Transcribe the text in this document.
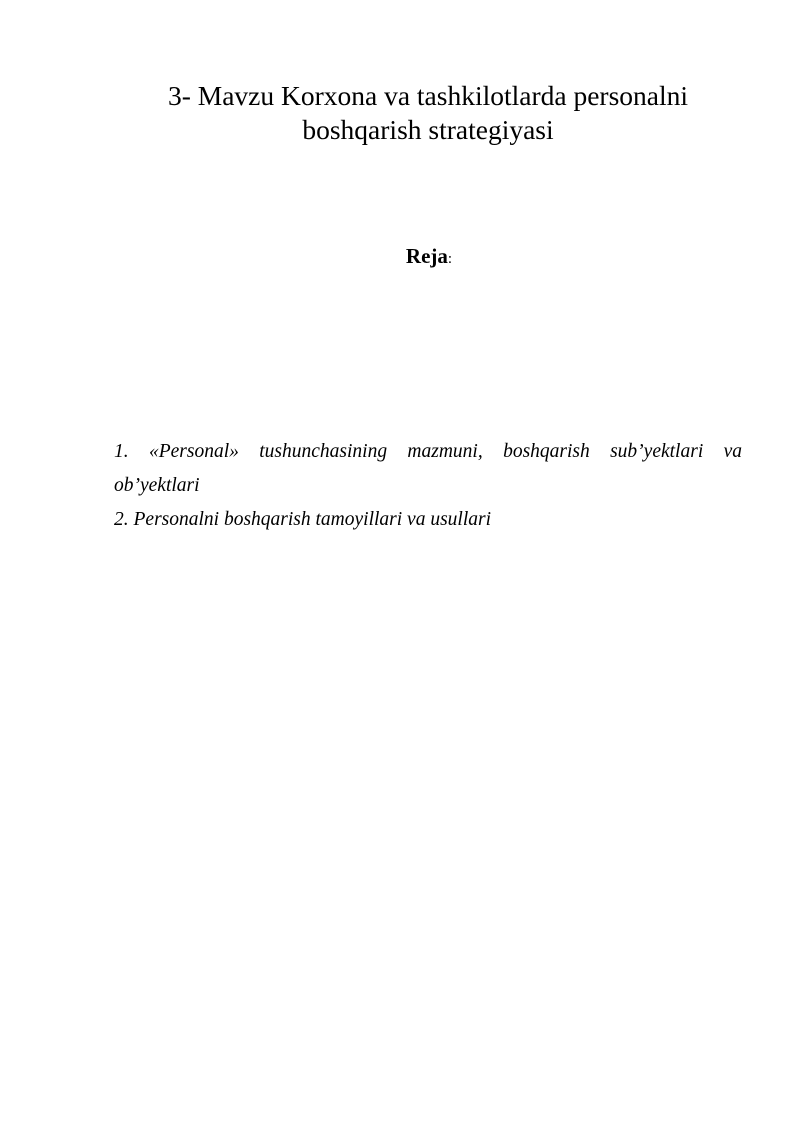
3- Mavzu Korxona va tashkilotlarda personalni
boshqarish strategiyasi
Reja:
1. «Personal» tushunchasining mazmuni, boshqarish sub’yektlari va
ob’yektlari
2. Personalni boshqarish tamoyillari va usullari
